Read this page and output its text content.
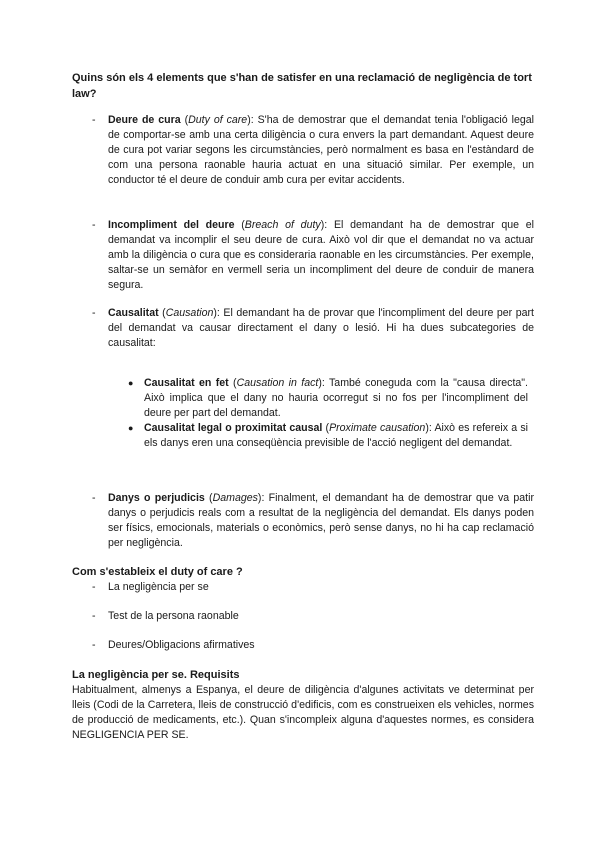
Quins són els 4 elements que s'han de satisfer en una reclamació de negligència de tort law?
-	Deure de cura (Duty of care): S'ha de demostrar que el demandat tenia l'obligació legal de comportar-se amb una certa diligència o cura envers la part demandant. Aquest deure de cura pot variar segons les circumstàncies, però normalment es basa en l'estàndard de com una persona raonable hauria actuat en una situació similar. Per exemple, un conductor té el deure de conduir amb cura per evitar accidents.
-	Incompliment del deure (Breach of duty): El demandant ha de demostrar que el demandat va incomplir el seu deure de cura. Això vol dir que el demandat no va actuar amb la diligència o cura que es consideraria raonable en les circumstàncies. Per exemple, saltar-se un semàfor en vermell seria un incompliment del deure de conduir de manera segura.
-	Causalitat (Causation): El demandant ha de provar que l'incompliment del deure per part del demandat va causar directament el dany o lesió. Hi ha dues subcategories de causalitat:
● Causalitat en fet (Causation in fact): També coneguda com la "causa directa". Això implica que el dany no hauria ocorregut si no fos per l'incompliment del deure per part del demandat.
● Causalitat legal o proximitat causal (Proximate causation): Això es refereix a si els danys eren una conseqüència previsible de l'acció negligent del demandat.
-	Danys o perjudicis (Damages): Finalment, el demandant ha de demostrar que va patir danys o perjudicis reals com a resultat de la negligència del demandat. Els danys poden ser físics, emocionals, materials o econòmics, però sense danys, no hi ha cap reclamació per negligència.
Com s'estableix el duty of care ?
-	La negligència per se
-	Test de la persona raonable
-	Deures/Obligacions afirmatives
La negligència per se. Requisits
Habitualment, almenys a Espanya, el deure de diligència d'algunes activitats ve determinat per lleis (Codi de la Carretera, lleis de construcció d'edificis, com es construeixen els vehicles, normes de producció de medicaments, etc.). Quan s'incompleix alguna d'aquestes normes, es considera NEGLIGENCIA PER SE.
